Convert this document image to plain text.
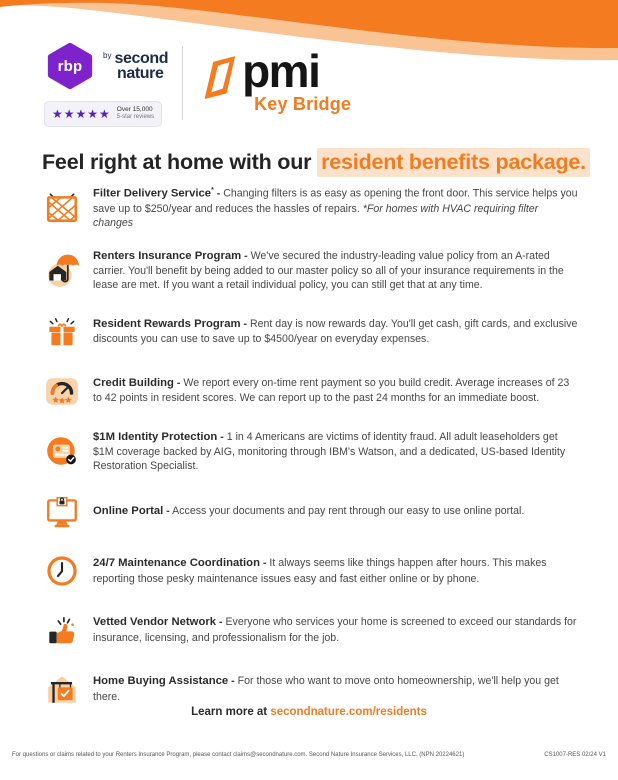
rbp
by second
nature
★★★★★ Over 15,000
5-star reviews
pmi
Key Bridge
Feel right at home with our resident benefits package.

Filter Delivery Service* - Changing filters is as easy as opening the front door. This service helps you save up to $250/year and reduces the hassles of repairs. *For homes with HVAC requiring filter changes

Renters Insurance Program - We've secured the industry-leading value policy from an A-rated carrier. You'll benefit by being added to our master policy so all of your insurance requirements in the lease are met. If you want a retail individual policy, you can still get that at any time.

Resident Rewards Program - Rent day is now rewards day. You'll get cash, gift cards, and exclusive discounts you can use to save up to $4500/year on everyday expenses.

Credit Building - We report every on-time rent payment so you build credit. Average increases of 23 to 42 points in resident scores. We can report up to the past 24 months for an immediate boost.

$1M Identity Protection - 1 in 4 Americans are victims of identity fraud. All adult leaseholders get $1M coverage backed by AIG, monitoring through IBM's Watson, and a dedicated, US-based Identity Restoration Specialist.

Online Portal - Access your documents and pay rent through our easy to use online portal.

24/7 Maintenance Coordination - It always seems like things happen after hours. This makes reporting those pesky maintenance issues easy and fast either online or by phone.

Vetted Vendor Network - Everyone who services your home is screened to exceed our standards for insurance, licensing, and professionalism for the job.

Home Buying Assistance - For those who want to move onto homeownership, we'll help you get there.

Learn more at secondnature.com/residents
For questions or claims related to your Renters Insurance Program, please contact claims@secondnature.com. Second Nature Insurance Services, LLC. (NPN 20224621)	CS1007-RES 02/24 V1
